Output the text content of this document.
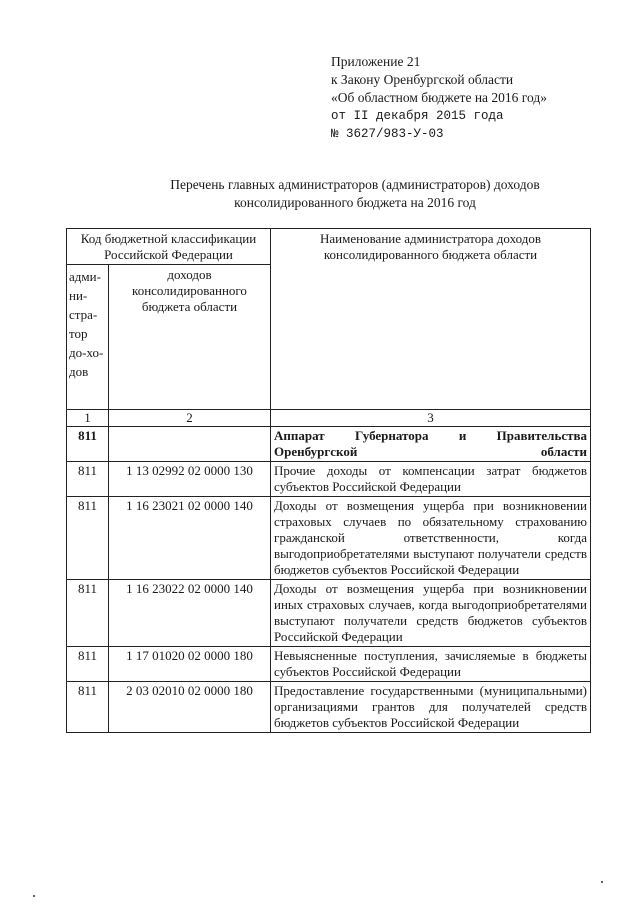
Приложение 21
к Закону Оренбургской области
«Об областном бюджете на 2016 год»
от II декабря 2015 года
№ 3627/983-У-03
Перечень главных администраторов (администраторов) доходов
консолидированного бюджета на 2016 год
Код бюджетной классификации Российской Федерации		Наименование администратора доходов консолидированного бюджета области
адми-ни-стра-тор до-хо-дов	доходов консолидированного бюджета области	
1	2	3
811		Аппарат Губернатора и Правительства Оренбургской области
811	1 13 02992 02 0000 130	Прочие доходы от компенсации затрат бюджетов субъектов Российской Федерации
811	1 16 23021 02 0000 140	Доходы от возмещения ущерба при возникновении страховых случаев по обязательному страхованию гражданской ответственности, когда выгодоприобретателями выступают получатели средств бюджетов субъектов Российской Федерации
811	1 16 23022 02 0000 140	Доходы от возмещения ущерба при возникновении иных страховых случаев, когда выгодоприобретателями выступают получатели средств бюджетов субъектов Российской Федерации
811	1 17 01020 02 0000 180	Невыясненные поступления, зачисляемые в бюджеты субъектов Российской Федерации
811	2 03 02010 02 0000 180	Предоставление государственными (муниципальными) организациями грантов для получателей средств бюджетов субъектов Российской Федерации
